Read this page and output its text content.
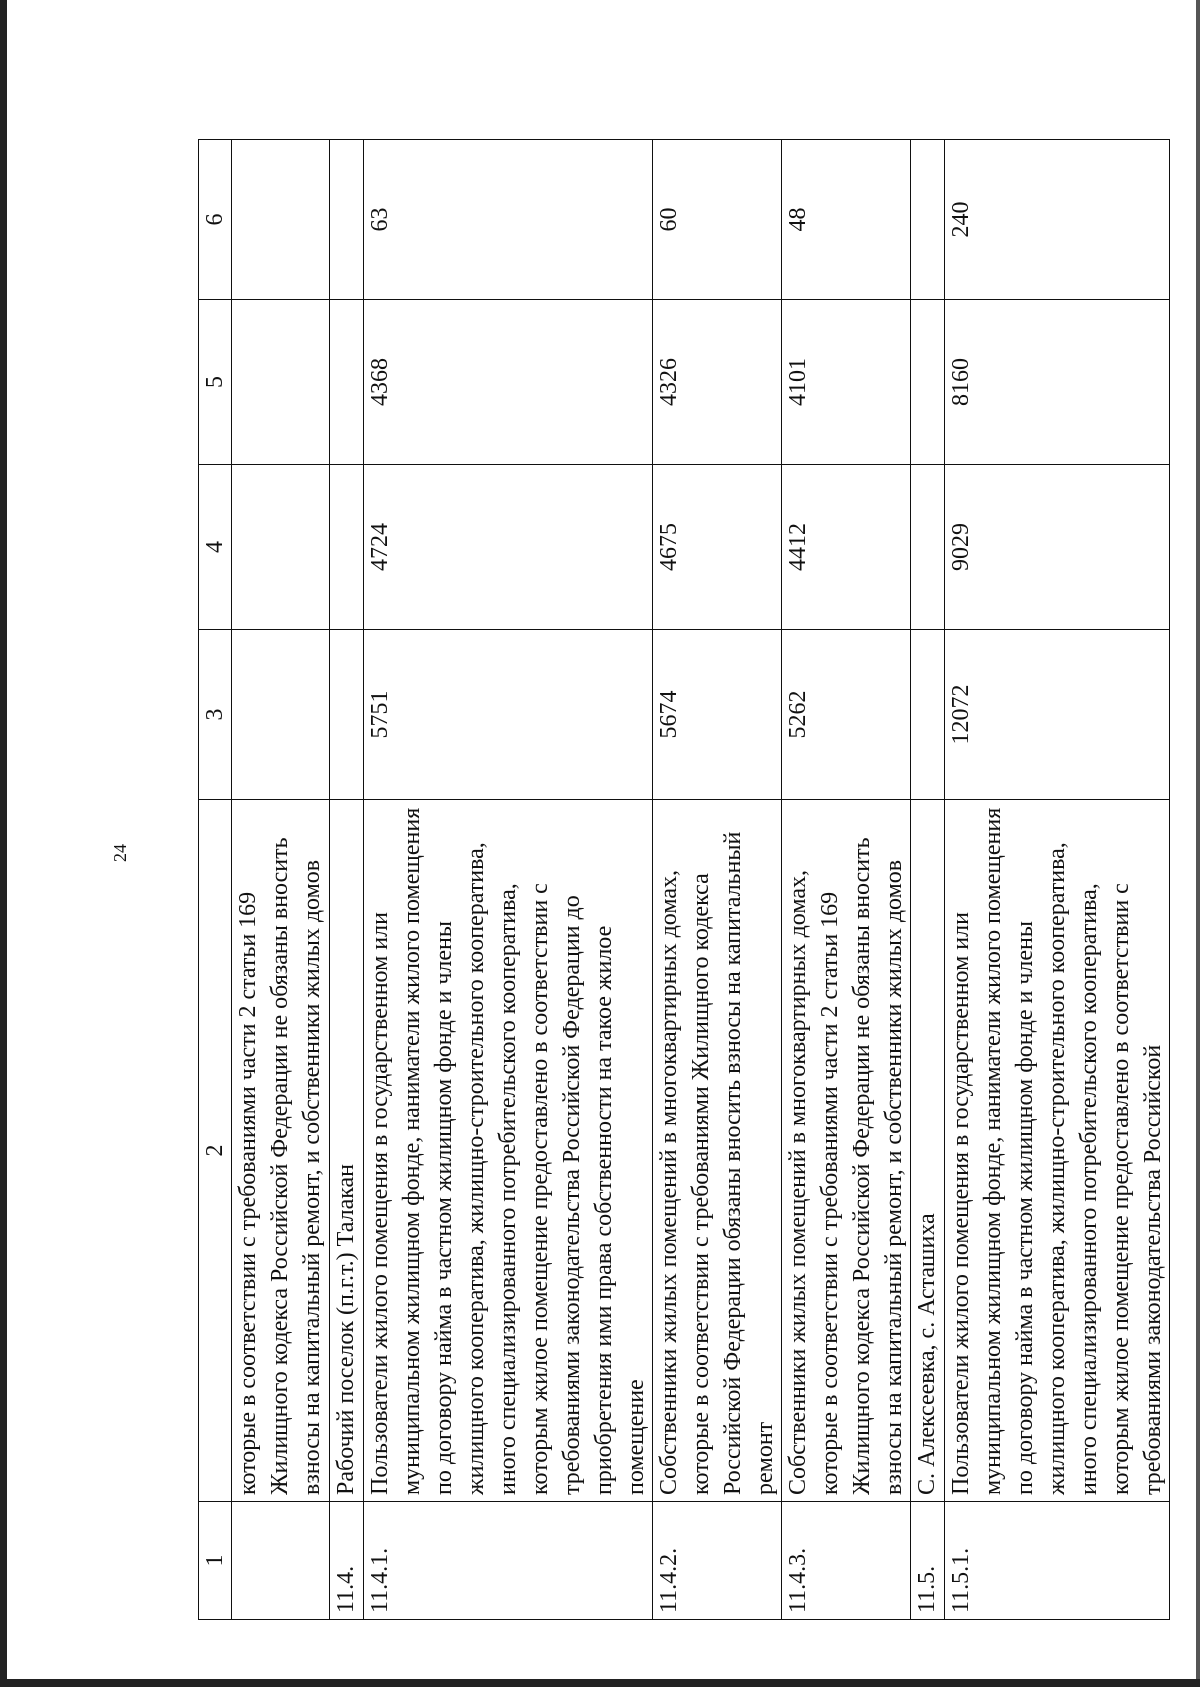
24
1	2	3	4	5	6
	которые в соответствии с требованиями части 2 статьи 169 Жилищного кодекса Российской Федерации не обязаны вносить взносы на капитальный ремонт, и собственники жилых домов				
11.4.	Рабочий поселок (п.г.т.) Талакан				
11.4.1.	Пользователи жилого помещения в государственном или муниципальном жилищном фонде, наниматели жилого помещения по договору найма в частном жилищном фонде и члены жилищного кооператива, жилищно-строительного кооператива, иного специализированного потребительского кооператива, которым жилое помещение предоставлено в соответствии с требованиями законодательства Российской Федерации до приобретения ими права собственности на такое жилое помещение	5751	4724	4368	63
11.4.2.	Собственники жилых помещений в многоквартирных домах, которые в соответствии с требованиями Жилищного кодекса Российской Федерации обязаны вносить взносы на капитальный ремонт	5674	4675	4326	60
11.4.3.	Собственники жилых помещений в многоквартирных домах, которые в соответствии с требованиями части 2 статьи 169 Жилищного кодекса Российской Федерации не обязаны вносить взносы на капитальный ремонт, и собственники жилых домов	5262	4412	4101	48
11.5.	С. Алексеевка, с. Асташиха				
11.5.1.	Пользователи жилого помещения в государственном или муниципальном жилищном фонде, наниматели жилого помещения по договору найма в частном жилищном фонде и члены жилищного кооператива, жилищно-строительного кооператива, иного специализированного потребительского кооператива, которым жилое помещение предоставлено в соответствии с требованиями законодательства Российской	12072	9029	8160	240
